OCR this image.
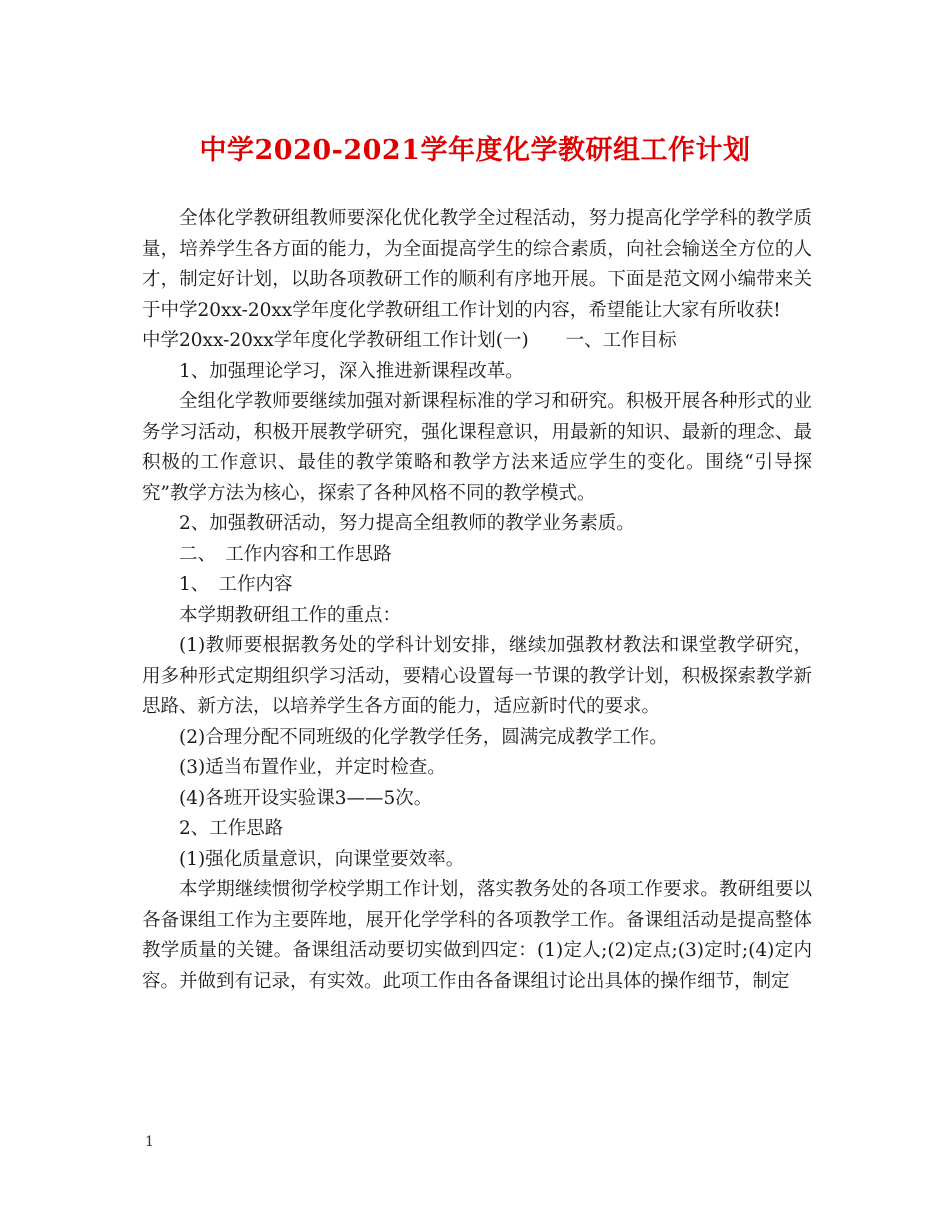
中学2020-2021学年度化学教研组工作计划

全体化学教研组教师要深化优化教学全过程活动，努力提高化学学科的教学质量，培养学生各方面的能力，为全面提高学生的综合素质，向社会输送全方位的人才，制定好计划，以助各项教研工作的顺利有序地开展。下面是范文网小编带来关于中学20xx-20xx学年度化学教研组工作计划的内容，希望能让大家有所收获!

中学20xx-20xx学年度化学教研组工作计划(一)　　一、工作目标

1、加强理论学习，深入推进新课程改革。

全组化学教师要继续加强对新课程标准的学习和研究。积极开展各种形式的业务学习活动，积极开展教学研究，强化课程意识，用最新的知识、最新的理念、最积极的工作意识、最佳的教学策略和教学方法来适应学生的变化。围绕“引导探究”教学方法为核心，探索了各种风格不同的教学模式。

2、加强教研活动，努力提高全组教师的教学业务素质。

二、　工作内容和工作思路

1、　工作内容

本学期教研组工作的重点：

(1)教师要根据教务处的学科计划安排，继续加强教材教法和课堂教学研究，用多种形式定期组织学习活动，要精心设置每一节课的教学计划，积极探索教学新思路、新方法，以培养学生各方面的能力，适应新时代的要求。

(2)合理分配不同班级的化学教学任务，圆满完成教学工作。

(3)适当布置作业，并定时检查。

(4)各班开设实验课3——5次。

2、工作思路

(1)强化质量意识，向课堂要效率。

本学期继续惯彻学校学期工作计划，落实教务处的各项工作要求。教研组要以各备课组工作为主要阵地，展开化学学科的各项教学工作。备课组活动是提高整体教学质量的关键。备课组活动要切实做到四定：(1)定人;(2)定点;(3)定时;(4)定内容。并做到有记录，有实效。此项工作由各备课组讨论出具体的操作细节，制定

1
